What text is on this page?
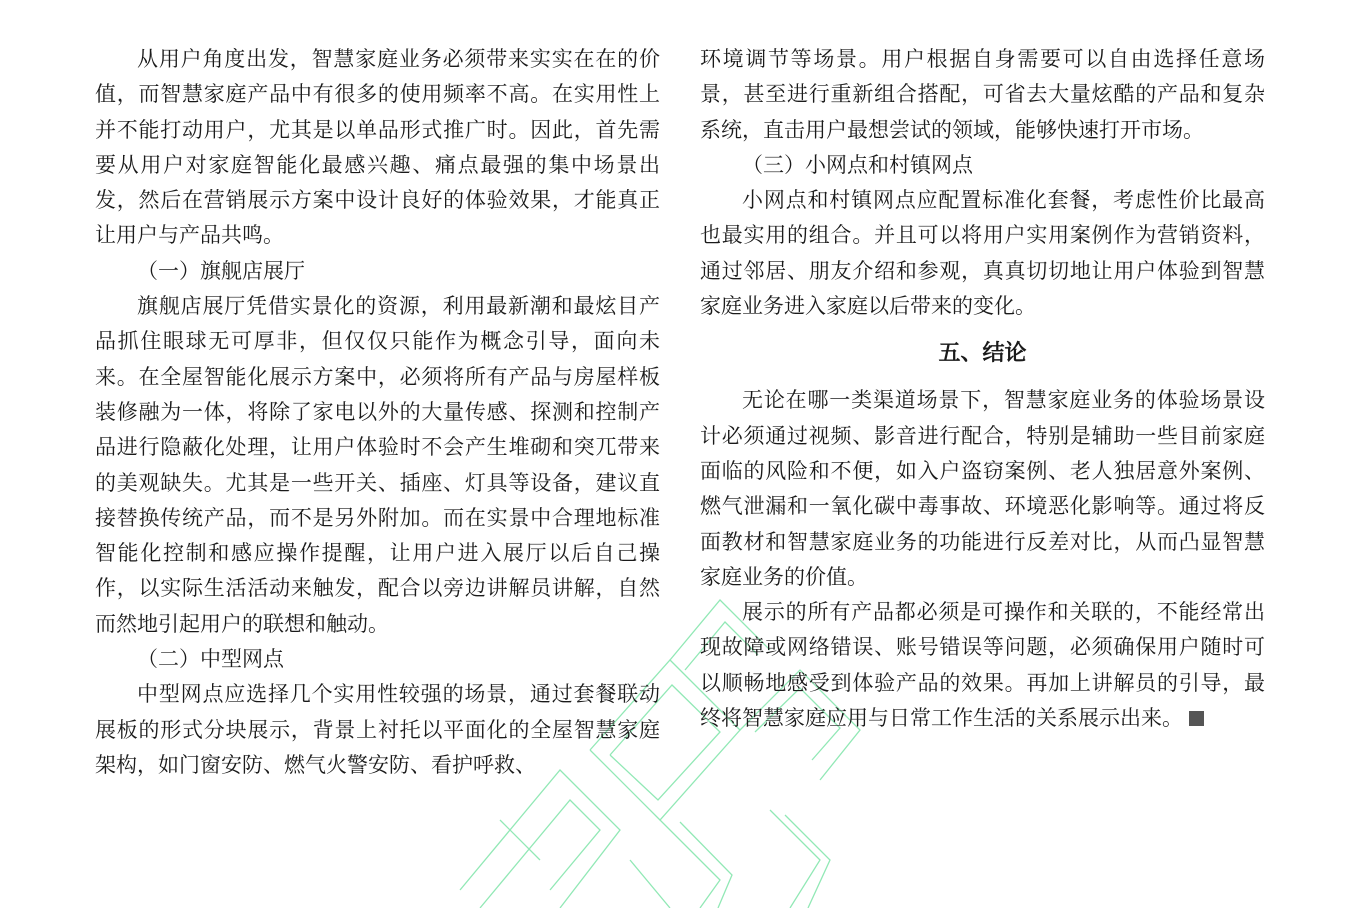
从用户角度出发，智慧家庭业务必须带来实实在在的价值，而智慧家庭产品中有很多的使用频率不高。在实用性上并不能打动用户，尤其是以单品形式推广时。因此，首先需要从用户对家庭智能化最感兴趣、痛点最强的集中场景出发，然后在营销展示方案中设计良好的体验效果，才能真正让用户与产品共鸣。

（一）旗舰店展厅

旗舰店展厅凭借实景化的资源，利用最新潮和最炫目产品抓住眼球无可厚非，但仅仅只能作为概念引导，面向未来。在全屋智能化展示方案中，必须将所有产品与房屋样板装修融为一体，将除了家电以外的大量传感、探测和控制产品进行隐蔽化处理，让用户体验时不会产生堆砌和突兀带来的美观缺失。尤其是一些开关、插座、灯具等设备，建议直接替换传统产品，而不是另外附加。而在实景中合理地标准智能化控制和感应操作提醒，让用户进入展厅以后自己操作，以实际生活活动来触发，配合以旁边讲解员讲解，自然而然地引起用户的联想和触动。

（二）中型网点

中型网点应选择几个实用性较强的场景，通过套餐联动展板的形式分块展示，背景上衬托以平面化的全屋智慧家庭架构，如门窗安防、燃气火警安防、看护呼救、

环境调节等场景。用户根据自身需要可以自由选择任意场景，甚至进行重新组合搭配，可省去大量炫酷的产品和复杂系统，直击用户最想尝试的领域，能够快速打开市场。

（三）小网点和村镇网点

小网点和村镇网点应配置标准化套餐，考虑性价比最高也最实用的组合。并且可以将用户实用案例作为营销资料，通过邻居、朋友介绍和参观，真真切切地让用户体验到智慧家庭业务进入家庭以后带来的变化。

五、结论

无论在哪一类渠道场景下，智慧家庭业务的体验场景设计必须通过视频、影音进行配合，特别是辅助一些目前家庭面临的风险和不便，如入户盗窃案例、老人独居意外案例、燃气泄漏和一氧化碳中毒事故、环境恶化影响等。通过将反面教材和智慧家庭业务的功能进行反差对比，从而凸显智慧家庭业务的价值。

展示的所有产品都必须是可操作和关联的，不能经常出现故障或网络错误、账号错误等问题，必须确保用户随时可以顺畅地感受到体验产品的效果。再加上讲解员的引导，最终将智慧家庭应用与日常工作生活的关系展示出来。
